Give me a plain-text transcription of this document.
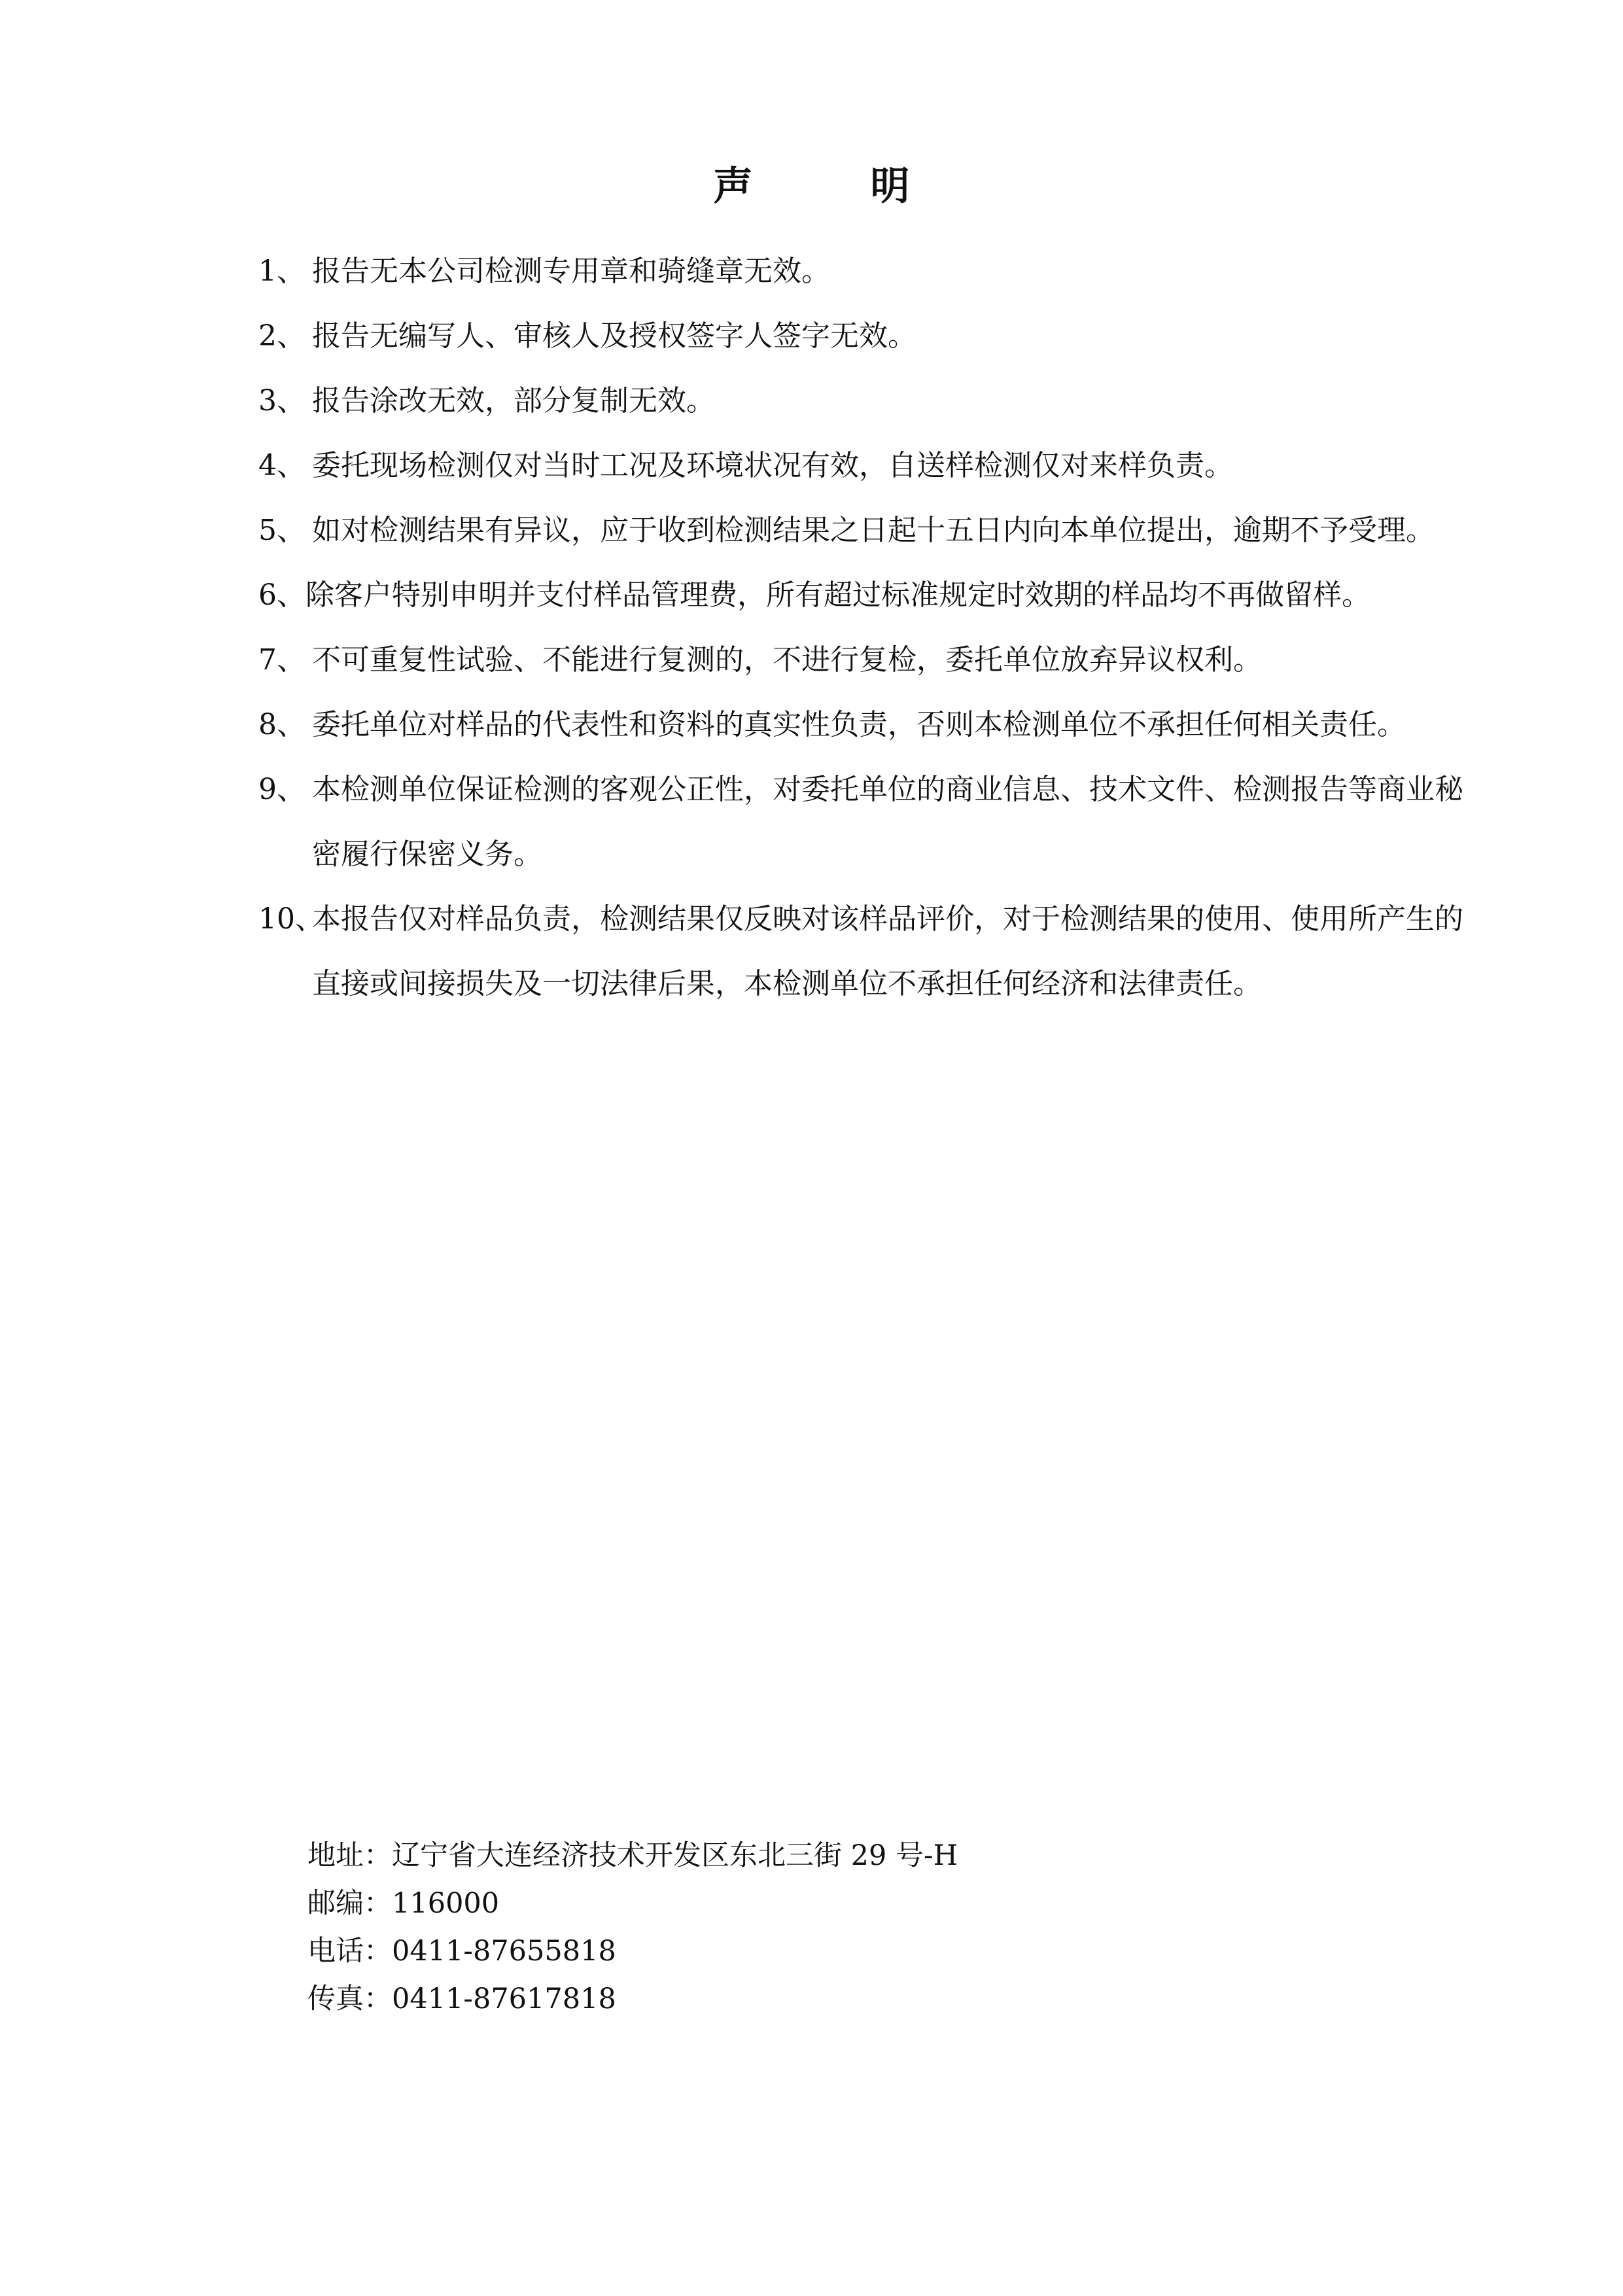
声	明
1、 报告无本公司检测专用章和骑缝章无效。
2、 报告无编写人、审核人及授权签字人签字无效。
3、 报告涂改无效，部分复制无效。
4、 委托现场检测仅对当时工况及环境状况有效，自送样检测仅对来样负责。
5、 如对检测结果有异议，应于收到检测结果之日起十五日内向本单位提出，逾期不予受理。
6、除客户特别申明并支付样品管理费，所有超过标准规定时效期的样品均不再做留样。
7、 不可重复性试验、不能进行复测的，不进行复检，委托单位放弃异议权利。
8、 委托单位对样品的代表性和资料的真实性负责，否则本检测单位不承担任何相关责任。
9、 本检测单位保证检测的客观公正性，对委托单位的商业信息、技术文件、检测报告等商业秘密履行保密义务。
10、
本报告仅对样品负责，检测结果仅反映对该样品评价，对于检测结果的使用、使用所产生的直接或间接损失及一切法律后果，本检测单位不承担任何经济和法律责任。
地址：辽宁省大连经济技术开发区东北三街 29 号-H
邮编：116000
电话：0411-87655818
传真：0411-87617818
